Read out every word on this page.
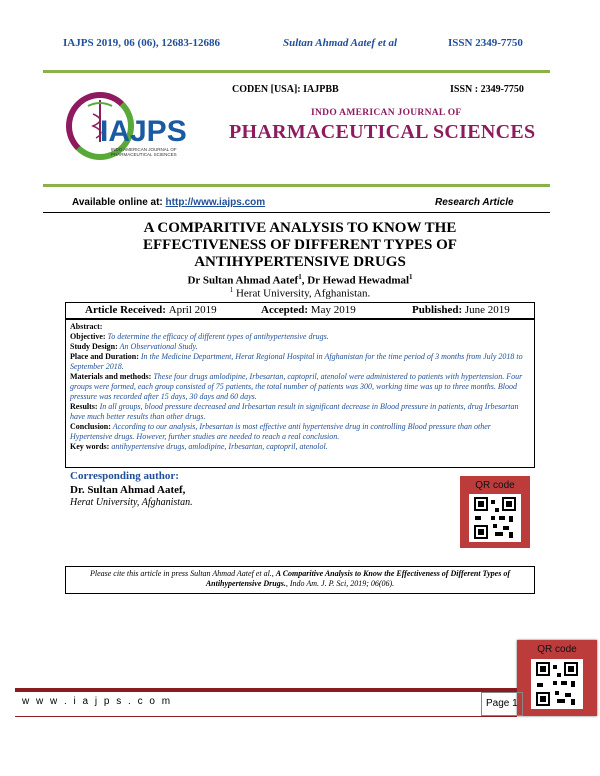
IAJPS 2019, 06 (06), 12683-12686	Sultan Ahmad Aatef et al	ISSN 2349-7750
IAJPS
INDO AMERICAN JOURNAL OF PHARMACEUTICAL SCIENCES
CODEN [USA]: IAJPBB	ISSN : 2349-7750
INDO AMERICAN JOURNAL OF
PHARMACEUTICAL SCIENCES
Available online at: http://www.iajps.com	Research Article
A COMPARITIVE ANALYSIS TO KNOW THE
EFFECTIVENESS OF DIFFERENT TYPES OF
ANTIHYPERTENSIVE DRUGS
Dr Sultan Ahmad Aatef$^1$, Dr Hewad Hewadmal$^1$
$^1$ Herat University, Afghanistan.
Article Received: April 2019	Accepted: May 2019	Published: June 2019
Abstract:
Objective: To determine the efficacy of different types of antihypertensive drugs.
Study Design: An Observational Study.
Place and Duration: In the Medicine Department, Herat Regional Hospital in Afghanistan for the time period of 3 months from July 2018 to September 2018.
Materials and methods: These four drugs amlodipine, Irbesartan, captopril, atenolol were administered to patients with hypertension. Four groups were formed, each group consisted of 75 patients, the total number of patients was 300, working time was up to three months. Blood pressure was recorded after 15 days, 30 days and 60 days.
Results: In all groups, blood pressure decreased and Irbesartan result in significant decrease in Blood pressure in patients, drug Irbesartan have much better results than other drugs.
Conclusion: According to our analysis, Irbesartan is most effective anti hypertensive drug in controlling Blood pressure than other Hypertensive drugs. However, further studies are needed to reach a real conclusion.
Key words: antihypertensive drugs, amlodipine, Irbesartan, captopril, atenolol.
Corresponding author:
Dr. Sultan Ahmad Aatef,
Herat University, Afghanistan.
QR code
Please cite this article in press Sultan Ahmad Aatef et al., A Comparitive Analysis to Know the Effectiveness of Different Types of Antihypertensive Drugs., Indo Am. J. P. Sci, 2019; 06(06).
QR code
w w w . i a j p s . c o m	Page 1
